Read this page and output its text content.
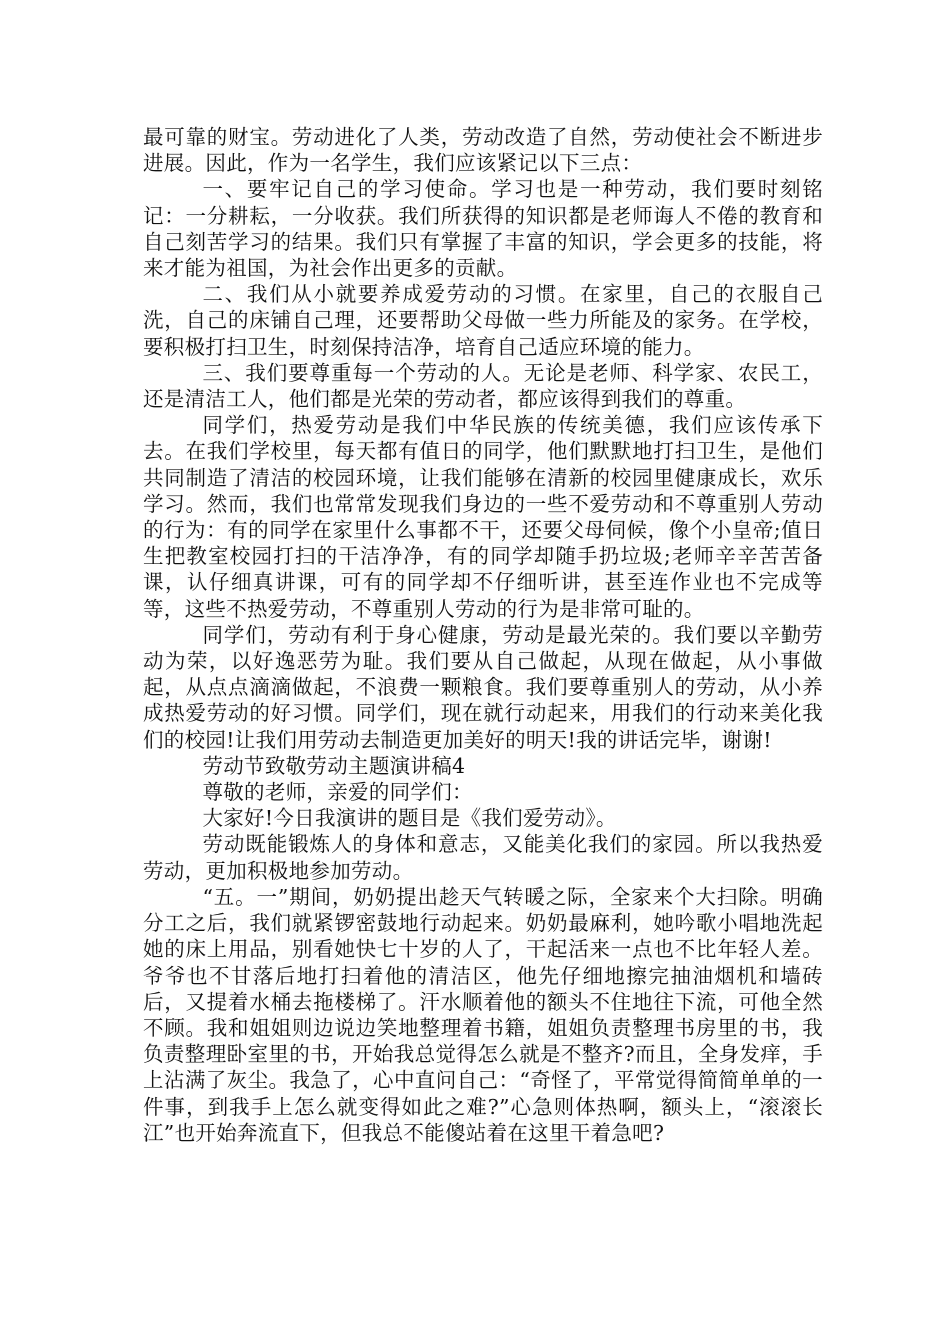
最可靠的财宝。劳动进化了人类，劳动改造了自然，劳动使社会不断进步进展。因此，作为一名学生，我们应该紧记以下三点：

一、要牢记自己的学习使命。学习也是一种劳动，我们要时刻铭记：一分耕耘，一分收获。我们所获得的知识都是老师诲人不倦的教育和自己刻苦学习的结果。我们只有掌握了丰富的知识，学会更多的技能，将来才能为祖国，为社会作出更多的贡献。

二、我们从小就要养成爱劳动的习惯。在家里，自己的衣服自己洗，自己的床铺自己理，还要帮助父母做一些力所能及的家务。在学校，要积极打扫卫生，时刻保持洁净，培育自己适应环境的能力。

三、我们要尊重每一个劳动的人。无论是老师、科学家、农民工，还是清洁工人，他们都是光荣的劳动者，都应该得到我们的尊重。

同学们，热爱劳动是我们中华民族的传统美德，我们应该传承下去。在我们学校里，每天都有值日的同学，他们默默地打扫卫生，是他们共同制造了清洁的校园环境，让我们能够在清新的校园里健康成长，欢乐学习。然而，我们也常常发现我们身边的一些不爱劳动和不尊重别人劳动的行为：有的同学在家里什么事都不干，还要父母伺候，像个小皇帝;值日生把教室校园打扫的干洁净净，有的同学却随手扔垃圾;老师辛辛苦苦备课，认仔细真讲课，可有的同学却不仔细听讲，甚至连作业也不完成等等，这些不热爱劳动，不尊重别人劳动的行为是非常可耻的。

同学们，劳动有利于身心健康，劳动是最光荣的。我们要以辛勤劳动为荣，以好逸恶劳为耻。我们要从自己做起，从现在做起，从小事做起，从点点滴滴做起，不浪费一颗粮食。我们要尊重别人的劳动，从小养成热爱劳动的好习惯。同学们，现在就行动起来，用我们的行动来美化我们的校园!让我们用劳动去制造更加美好的明天!我的讲话完毕，谢谢!

劳动节致敬劳动主题演讲稿4

尊敬的老师，亲爱的同学们：

大家好!今日我演讲的题目是《我们爱劳动》。

劳动既能锻炼人的身体和意志，又能美化我们的家园。所以我热爱劳动，更加积极地参加劳动。

“五。一”期间，奶奶提出趁天气转暖之际，全家来个大扫除。明确分工之后，我们就紧锣密鼓地行动起来。奶奶最麻利，她吟歌小唱地洗起她的床上用品，别看她快七十岁的人了，干起活来一点也不比年轻人差。爷爷也不甘落后地打扫着他的清洁区，他先仔细地擦完抽油烟机和墙砖后，又提着水桶去拖楼梯了。汗水顺着他的额头不住地往下流，可他全然不顾。我和姐姐则边说边笑地整理着书籍，姐姐负责整理书房里的书，我负责整理卧室里的书，开始我总觉得怎么就是不整齐?而且，全身发痒，手上沾满了灰尘。我急了，心中直问自己：“奇怪了，平常觉得简简单单的一件事，到我手上怎么就变得如此之难?”心急则体热啊，额头上，“滚滚长江”也开始奔流直下，但我总不能傻站着在这里干着急吧?
